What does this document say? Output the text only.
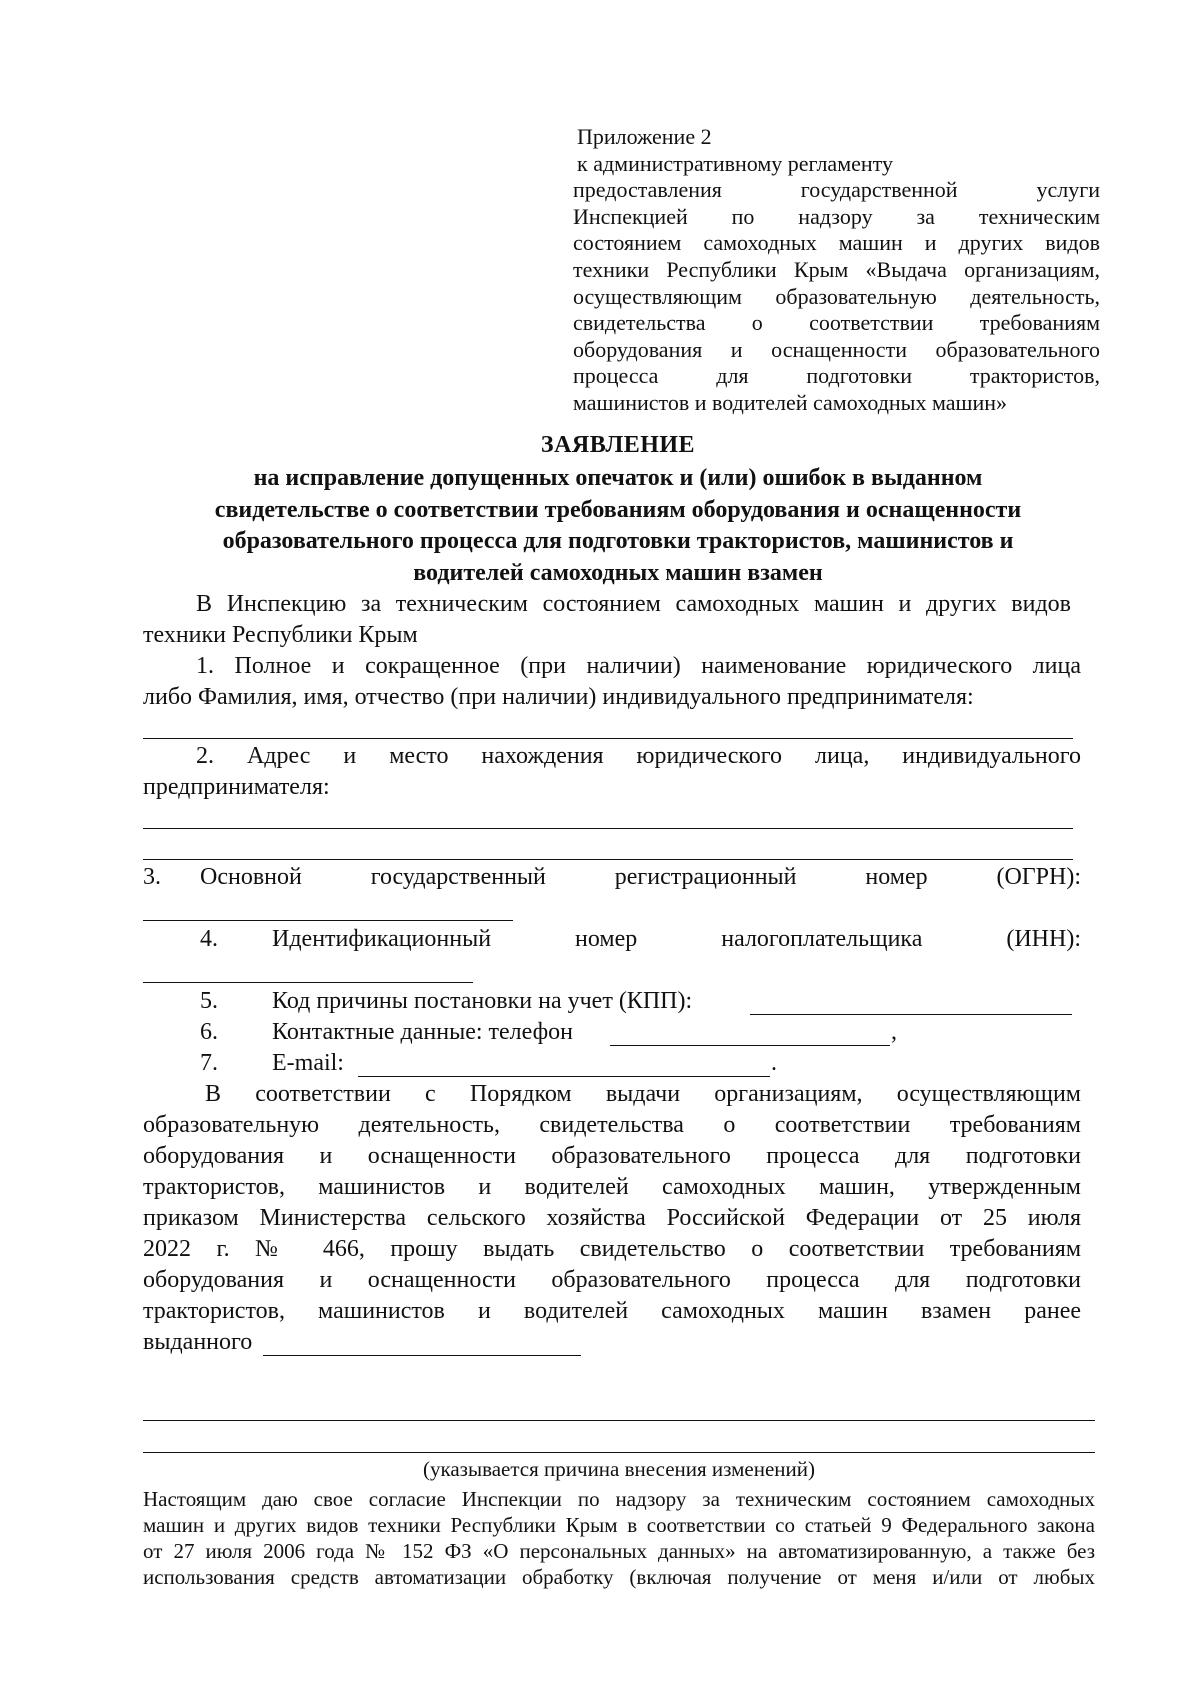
Приложение 2
к административному регламенту
предоставления государственной услуги
Инспекцией по надзору за техническим
состоянием самоходных машин и других видов
техники Республики Крым «Выдача организациям,
осуществляющим образовательную деятельность,
свидетельства о соответствии требованиям
оборудования и оснащенности образовательного
процесса для подготовки трактористов,
машинистов и водителей самоходных машин»
ЗАЯВЛЕНИЕ
на исправление допущенных опечаток и (или) ошибок в выданном
свидетельстве о соответствии требованиям оборудования и оснащенности
образовательного процесса для подготовки трактористов, машинистов и
водителей самоходных машин взамен
В Инспекцию за техническим состоянием самоходных машин и других видов
техники Республики Крым
1. Полное и сокращенное (при наличии) наименование юридического лица
либо Фамилия, имя, отчество (при наличии) индивидуального предпринимателя:
2. Адрес и место нахождения юридического лица, индивидуального
предпринимателя:
3.	Основной государственный регистрационный номер (ОГРН):
4. Идентификационный номер налогоплательщика (ИНН):
5. Код причины постановки на учет (КПП):
6. Контактные данные: телефон	,
7. E-mail:	.
В соответствии с Порядком выдачи организациям, осуществляющим
образовательную деятельность, свидетельства о соответствии требованиям
оборудования и оснащенности образовательного процесса для подготовки
трактористов, машинистов и водителей самоходных машин, утвержденным
приказом Министерства сельского хозяйства Российской Федерации от 25 июля
2022 г. № 466, прошу выдать свидетельство о соответствии требованиям
оборудования и оснащенности образовательного процесса для подготовки
трактористов, машинистов и водителей самоходных машин взамен ранее
выданного
(указывается причина внесения изменений)
Настоящим даю свое согласие Инспекции по надзору за техническим состоянием самоходных
машин и других видов техники Республики Крым в соответствии со статьей 9 Федерального закона
от 27 июля 2006 года № 152 ФЗ «О персональных данных» на автоматизированную, а также без
использования средств автоматизации обработку (включая получение от меня и/или от любых
